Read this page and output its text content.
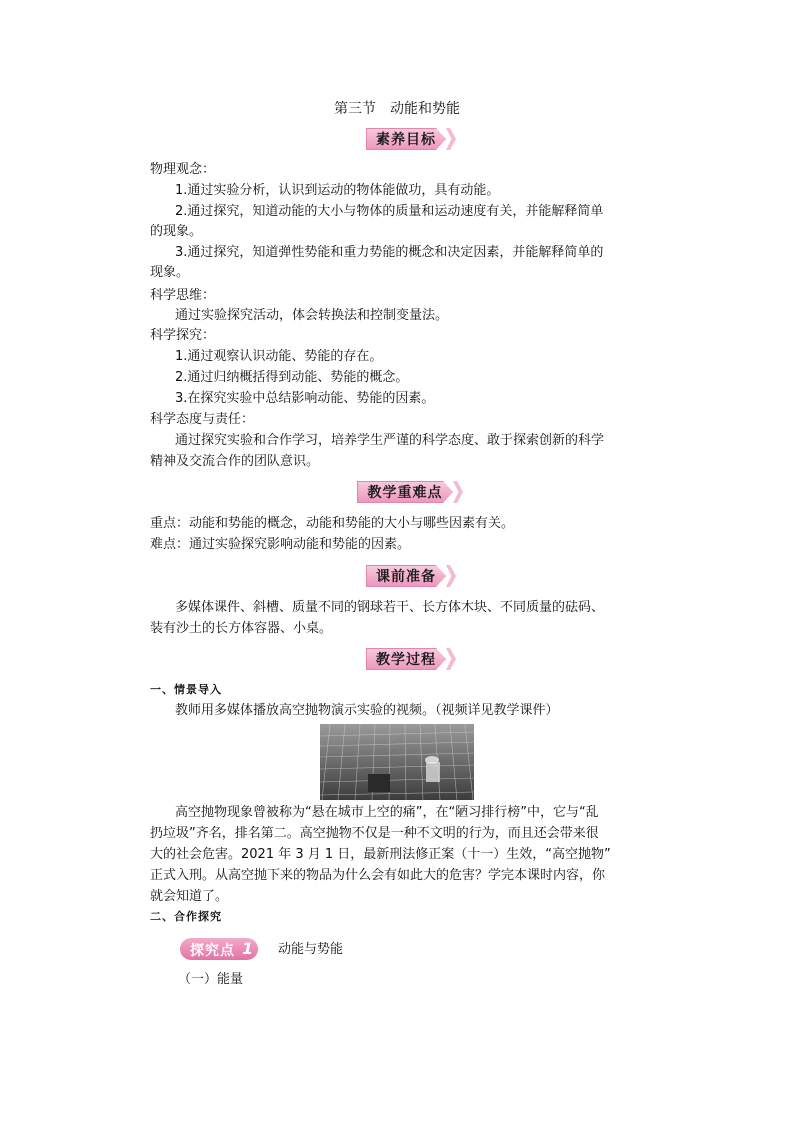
第三节　动能和势能
素养目标
物理观念：
1.通过实验分析，认识到运动的物体能做功，具有动能。
2.通过探究，知道动能的大小与物体的质量和运动速度有关，并能解释简单
的现象。
3.通过探究，知道弹性势能和重力势能的概念和决定因素，并能解释简单的
现象。
科学思维：
通过实验探究活动，体会转换法和控制变量法。
科学探究：
1.通过观察认识动能、势能的存在。
2.通过归纳概括得到动能、势能的概念。
3.在探究实验中总结影响动能、势能的因素。
科学态度与责任：
通过探究实验和合作学习，培养学生严谨的科学态度、敢于探索创新的科学
精神及交流合作的团队意识。
教学重难点
重点：动能和势能的概念，动能和势能的大小与哪些因素有关。
难点：通过实验探究影响动能和势能的因素。
课前准备
多媒体课件、斜槽、质量不同的钢球若干、长方体木块、不同质量的砝码、
装有沙土的长方体容器、小桌。
教学过程
一、情景导入
教师用多媒体播放高空抛物演示实验的视频。（视频详见教学课件）
高空抛物现象曾被称为“悬在城市上空的痛”，在“陋习排行榜”中，它与“乱
扔垃圾”齐名，排名第二。高空抛物不仅是一种不文明的行为，而且还会带来很
大的社会危害。2021 年 3 月 1 日，最新刑法修正案（十一）生效，“高空抛物”
正式入刑。从高空抛下来的物品为什么会有如此大的危害？学完本课时内容，你
就会知道了。
二、合作探究
探究点 1 动能与势能
（一）能量
